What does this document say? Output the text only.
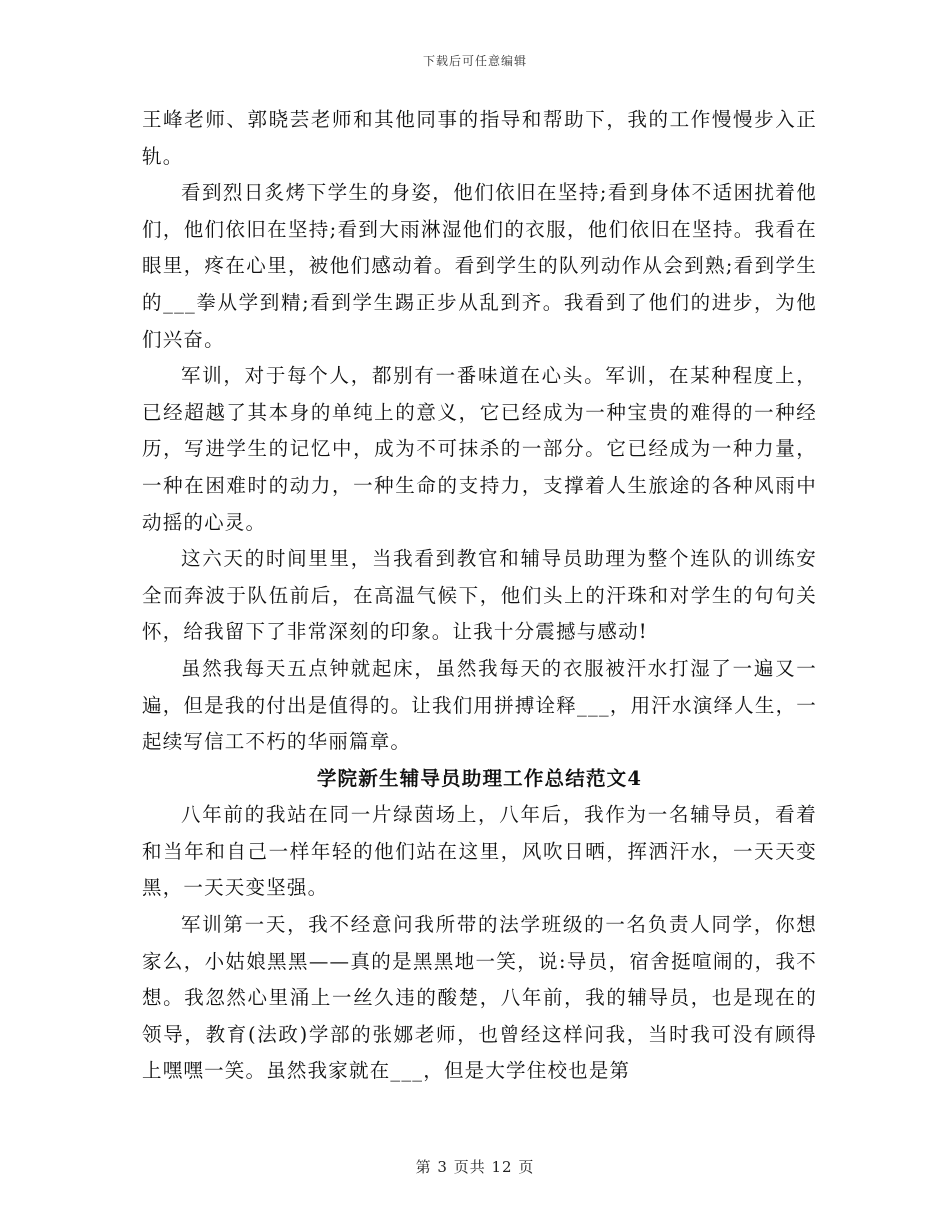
下载后可任意编辑

王峰老师、郭晓芸老师和其他同事的指导和帮助下，我的工作慢慢步入正轨。

看到烈日炙烤下学生的身姿，他们依旧在坚持;看到身体不适困扰着他们，他们依旧在坚持;看到大雨淋湿他们的衣服，他们依旧在坚持。我看在眼里，疼在心里，被他们感动着。看到学生的队列动作从会到熟;看到学生的___拳从学到精;看到学生踢正步从乱到齐。我看到了他们的进步，为他们兴奋。

军训，对于每个人，都别有一番味道在心头。军训，在某种程度上，已经超越了其本身的单纯上的意义，它已经成为一种宝贵的难得的一种经历，写进学生的记忆中，成为不可抹杀的一部分。它已经成为一种力量，一种在困难时的动力，一种生命的支持力，支撑着人生旅途的各种风雨中动摇的心灵。

这六天的时间里里，当我看到教官和辅导员助理为整个连队的训练安全而奔波于队伍前后，在高温气候下，他们头上的汗珠和对学生的句句关怀，给我留下了非常深刻的印象。让我十分震撼与感动!

虽然我每天五点钟就起床，虽然我每天的衣服被汗水打湿了一遍又一遍，但是我的付出是值得的。让我们用拼搏诠释___，用汗水演绎人生，一起续写信工不朽的华丽篇章。

学院新生辅导员助理工作总结范文4

八年前的我站在同一片绿茵场上，八年后，我作为一名辅导员，看着和当年和自己一样年轻的他们站在这里，风吹日晒，挥洒汗水，一天天变黑，一天天变坚强。

军训第一天，我不经意问我所带的法学班级的一名负责人同学，你想家么，小姑娘黑黑——真的是黑黑地一笑，说:导员，宿舍挺喧闹的，我不想。我忽然心里涌上一丝久违的酸楚，八年前，我的辅导员，也是现在的领导，教育(法政)学部的张娜老师，也曾经这样问我，当时我可没有顾得上嘿嘿一笑。虽然我家就在___，但是大学住校也是第

第 3 页共 12 页
